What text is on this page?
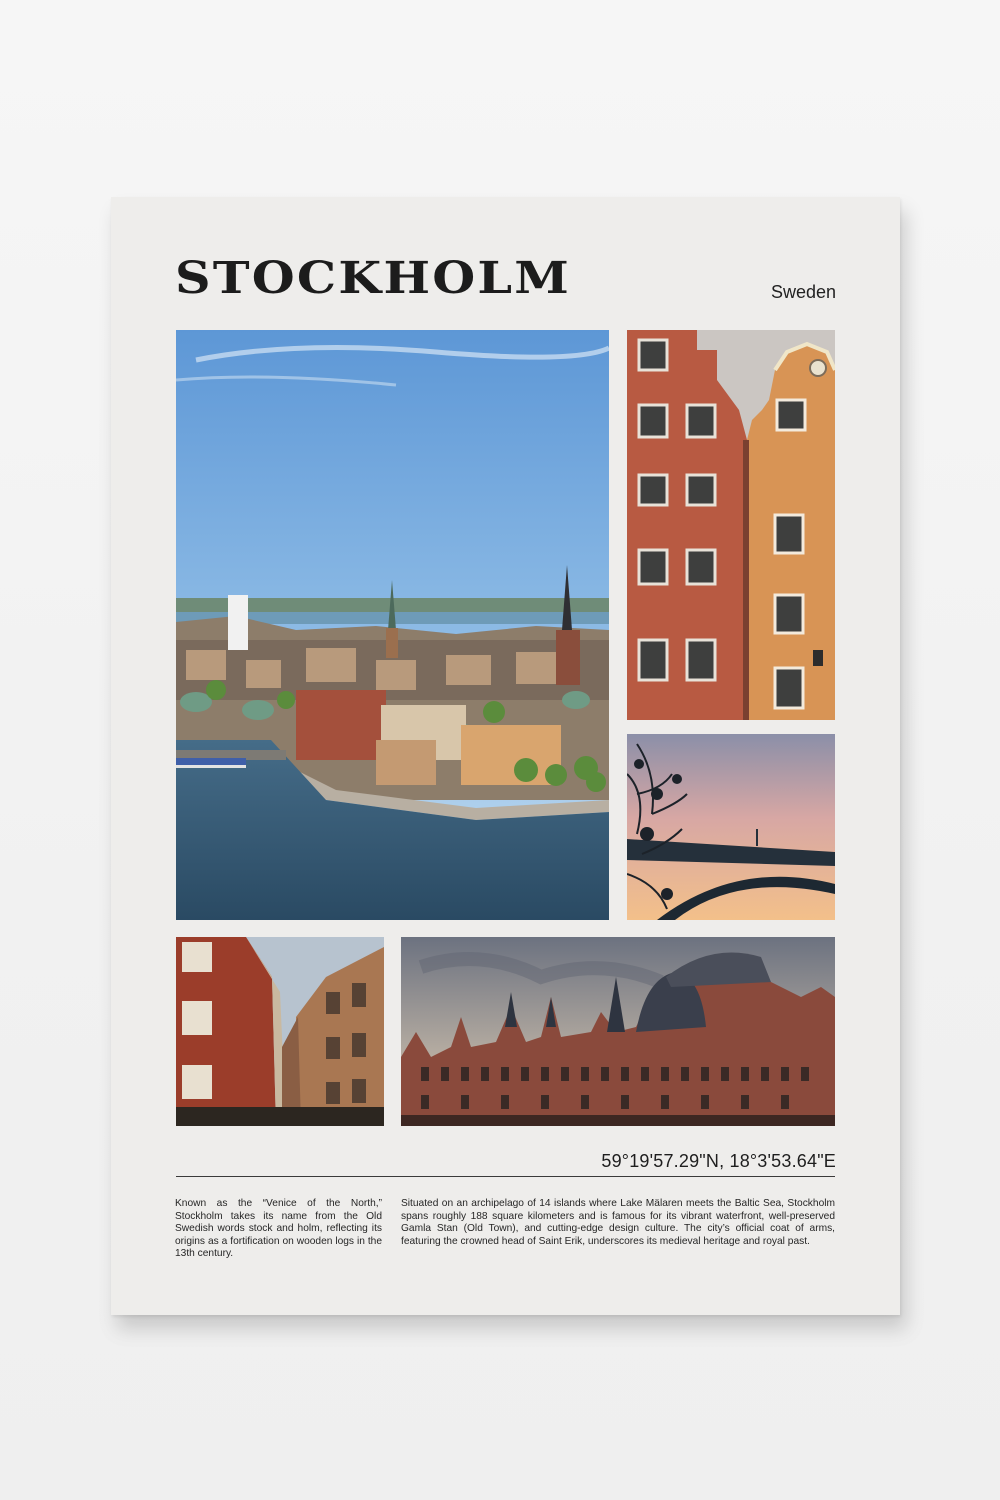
STOCKHOLM	Sweden
59°19'57.29"N, 18°3'53.64"E

Known as the “Venice of the North,” Stockholm takes its name from the Old Swedish words stock and holm, reflecting its origins as a fortification on wooden logs in the 13th century.

Situated on an archipelago of 14 islands where Lake Mälaren meets the Baltic Sea, Stockholm spans roughly 188 square kilometers and is famous for its vibrant waterfront, well-preserved Gamla Stan (Old Town), and cutting-edge design culture. The city’s official coat of arms, featuring the crowned head of Saint Erik, underscores its medieval heritage and royal past.
